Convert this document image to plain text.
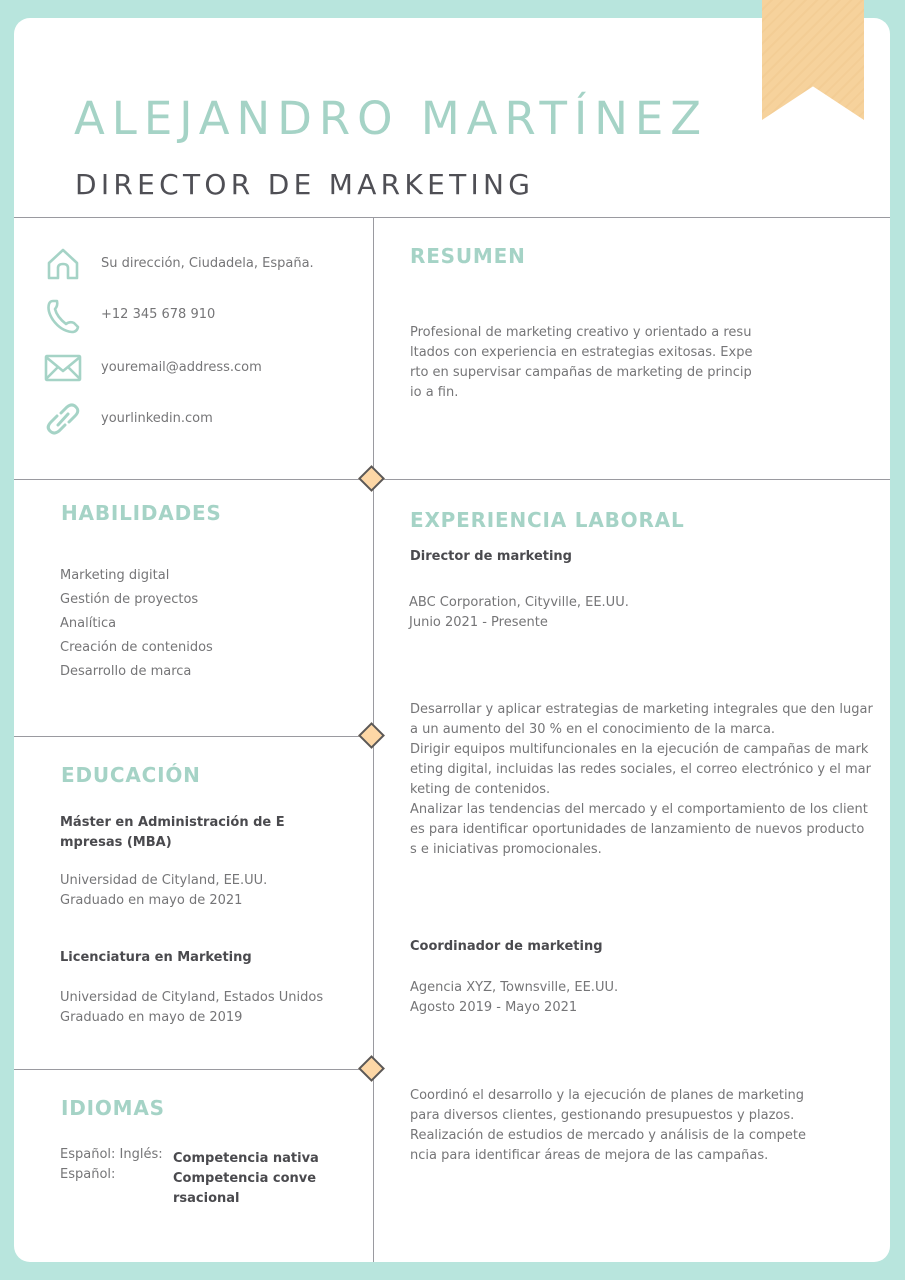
ALEJANDRO MARTÍNEZ
DIRECTOR DE MARKETING
Su dirección, Ciudadela, España.
+12 345 678 910
youremail@address.com
yourlinkedin.com
RESUMEN
Profesional de marketing creativo y orientado a resu
ltados con experiencia en estrategias exitosas. Expe
rto en supervisar campañas de marketing de princip
io a fin.
HABILIDADES
Marketing digital
Gestión de proyectos
Analítica
Creación de contenidos
Desarrollo de marca
EDUCACIÓN
Máster en Administración de E
mpresas (MBA)
Universidad de Cityland, EE.UU.
Graduado en mayo de 2021
Licenciatura en Marketing
Universidad de Cityland, Estados Unidos
Graduado en mayo de 2019
IDIOMAS
Español: Inglés:
Español:
Competencia nativa
Competencia conve
rsacional
EXPERIENCIA LABORAL
Director de marketing
ABC Corporation, Cityville, EE.UU.
Junio 2021 - Presente
Desarrollar y aplicar estrategias de marketing integrales que den lugar
a un aumento del 30 % en el conocimiento de la marca.
Dirigir equipos multifuncionales en la ejecución de campañas de mark
eting digital, incluidas las redes sociales, el correo electrónico y el mar
keting de contenidos.
Analizar las tendencias del mercado y el comportamiento de los client
es para identificar oportunidades de lanzamiento de nuevos producto
s e iniciativas promocionales.
Coordinador de marketing
Agencia XYZ, Townsville, EE.UU.
Agosto 2019 - Mayo 2021
Coordinó el desarrollo y la ejecución de planes de marketing
para diversos clientes, gestionando presupuestos y plazos.
Realización de estudios de mercado y análisis de la compete
ncia para identificar áreas de mejora de las campañas.
